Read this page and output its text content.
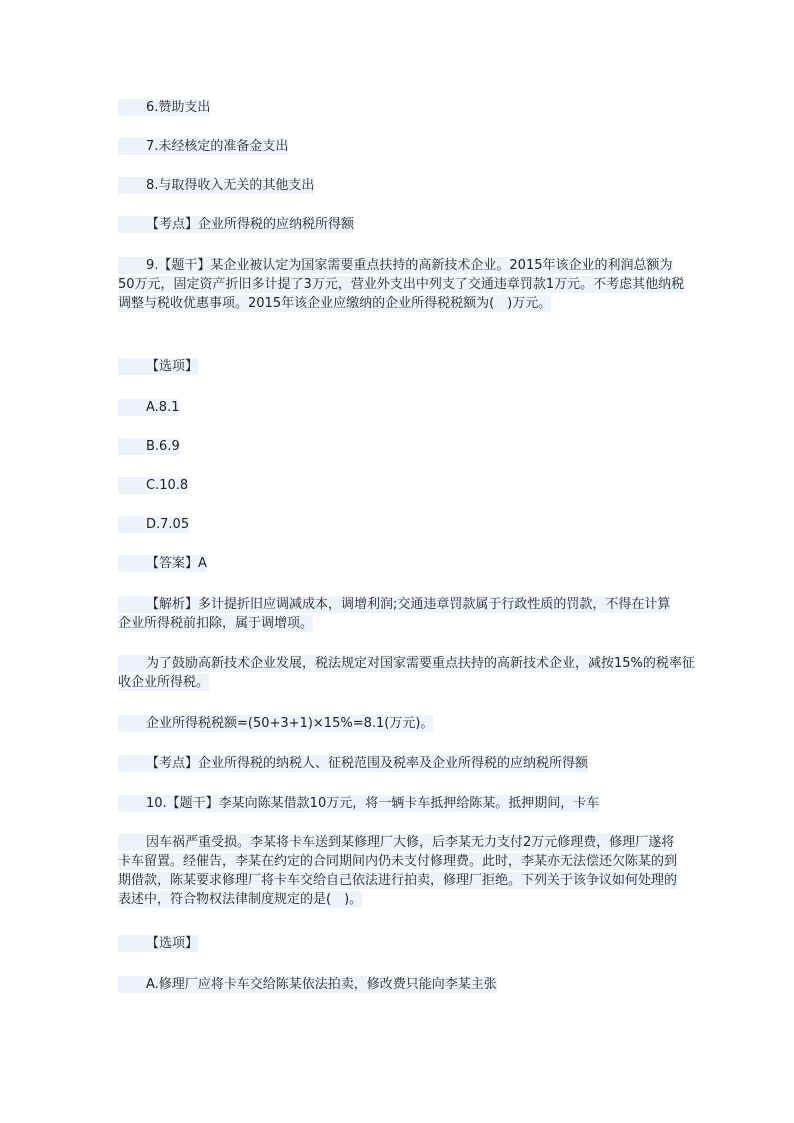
6.赞助支出

7.未经核定的准备金支出

8.与取得收入无关的其他支出

【考点】企业所得税的应纳税所得额

9.【题干】某企业被认定为国家需要重点扶持的高新技术企业。2015年该企业的利润总额为50万元，固定资产折旧多计提了3万元，营业外支出中列支了交通违章罚款1万元。不考虑其他纳税调整与税收优惠事项。2015年该企业应缴纳的企业所得税税额为(　)万元。

【选项】

A.8.1

B.6.9

C.10.8

D.7.05

【答案】A

【解析】多计提折旧应调减成本，调增利润;交通违章罚款属于行政性质的罚款，不得在计算企业所得税前扣除，属于调增项。

为了鼓励高新技术企业发展，税法规定对国家需要重点扶持的高新技术企业，减按15%的税率征收企业所得税。

企业所得税税额=(50+3+1)×15%=8.1(万元)。

【考点】企业所得税的纳税人、征税范围及税率及企业所得税的应纳税所得额

10.【题干】李某向陈某借款10万元，将一辆卡车抵押给陈某。抵押期间，卡车

因车祸严重受损。李某将卡车送到某修理厂大修，后李某无力支付2万元修理费，修理厂遂将卡车留置。经催告，李某在约定的合同期间内仍未支付修理费。此时，李某亦无法偿还欠陈某的到期借款，陈某要求修理厂将卡车交给自己依法进行拍卖，修理厂拒绝。下列关于该争议如何处理的表述中，符合物权法律制度规定的是(　)。

【选项】

A.修理厂应将卡车交给陈某依法拍卖，修改费只能向李某主张
